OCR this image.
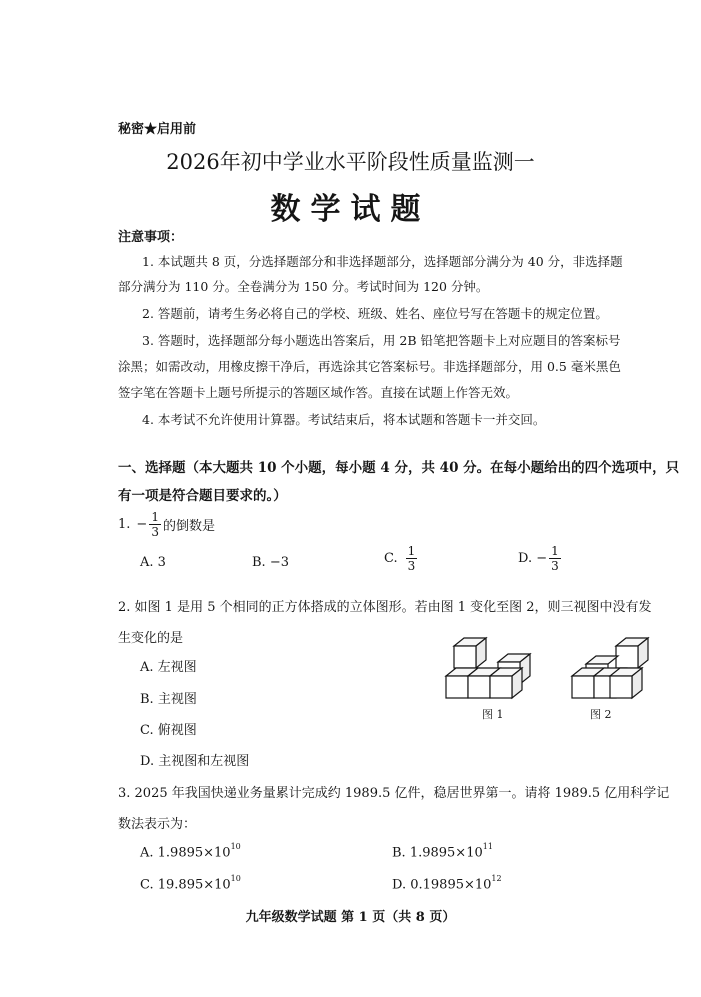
秘密★启用前
2026年初中学业水平阶段性质量监测一
数学试题
注意事项：
1. 本试题共 8 页，分选择题部分和非选择题部分，选择题部分满分为 40 分，非选择题
部分满分为 110 分。全卷满分为 150 分。考试时间为 120 分钟。
2. 答题前，请考生务必将自己的学校、班级、姓名、座位号写在答题卡的规定位置。
3. 答题时，选择题部分每小题选出答案后，用 2B 铅笔把答题卡上对应题目的答案标号
涂黑；如需改动，用橡皮擦干净后，再选涂其它答案标号。非选择题部分，用 0.5 毫米黑色
签字笔在答题卡上题号所提示的答题区域作答。直接在试题上作答无效。
4. 本考试不允许使用计算器。考试结束后，将本试题和答题卡一并交回。
一、选择题（本大题共 10 个小题，每小题 4 分，共 40 分。在每小题给出的四个选项中，只
有一项是符合题目要求的。）
1. − $\frac{1}{3}$ 的倒数是
A. 3	B. −3	C. $\frac{1}{3}$	D. − $\frac{1}{3}$
2. 如图 1 是用 5 个相同的正方体搭成的立体图形。若由图 1 变化至图 2，则三视图中没有发
生变化的是
A. 左视图
B. 主视图
C. 俯视图
D. 主视图和左视图
图 1	图 2
3. 2025 年我国快递业务量累计完成约 1989.5 亿件，稳居世界第一。请将 1989.5 亿用科学记
数法表示为：
A. $1.9895\times 10^{10}$	B. $1.9895\times 10^{11}$
C. $19.895\times 10^{10}$	D. $0.19895\times 10^{12}$
九年级数学试题 第 1 页（共 8 页）
